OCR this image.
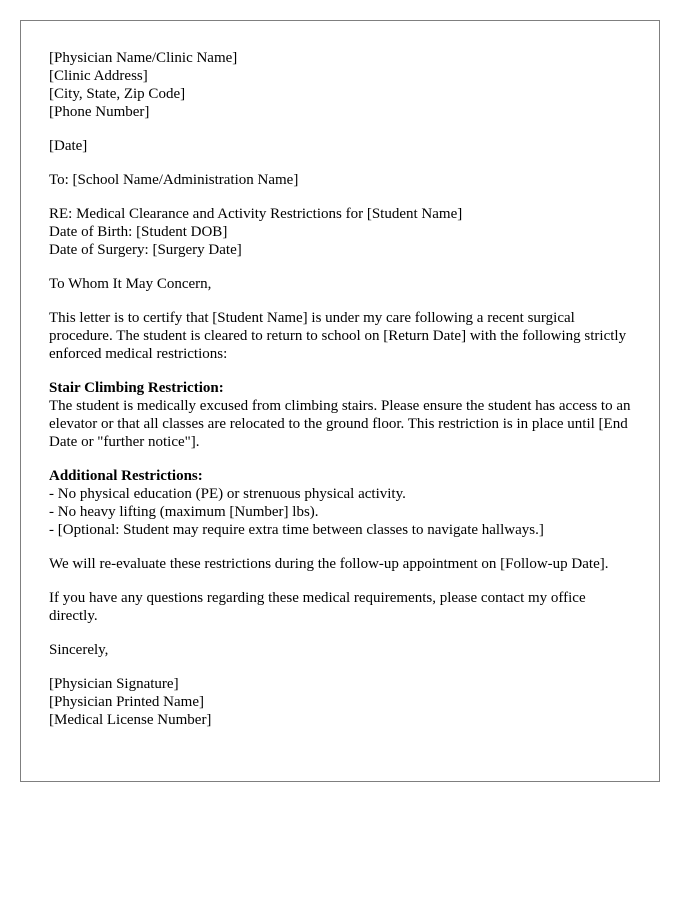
[Physician Name/Clinic Name]
[Clinic Address]
[City, State, Zip Code]
[Phone Number]
[Date]
To: [School Name/Administration Name]
RE: Medical Clearance and Activity Restrictions for [Student Name]
Date of Birth: [Student DOB]
Date of Surgery: [Surgery Date]
To Whom It May Concern,

This letter is to certify that [Student Name] is under my care following a recent surgical procedure. The student is cleared to return to school on [Return Date] with the following strictly enforced medical restrictions:

Stair Climbing Restriction:
The student is medically excused from climbing stairs. Please ensure the student has access to an elevator or that all classes are relocated to the ground floor. This restriction is in place until [End Date or "further notice"].
Additional Restrictions:
- No physical education (PE) or strenuous physical activity.
- No heavy lifting (maximum [Number] lbs).
- [Optional: Student may require extra time between classes to navigate hallways.]

We will re-evaluate these restrictions during the follow-up appointment on [Follow-up Date].

If you have any questions regarding these medical requirements, please contact my office directly.

Sincerely,
[Physician Signature]
[Physician Printed Name]
[Medical License Number]
